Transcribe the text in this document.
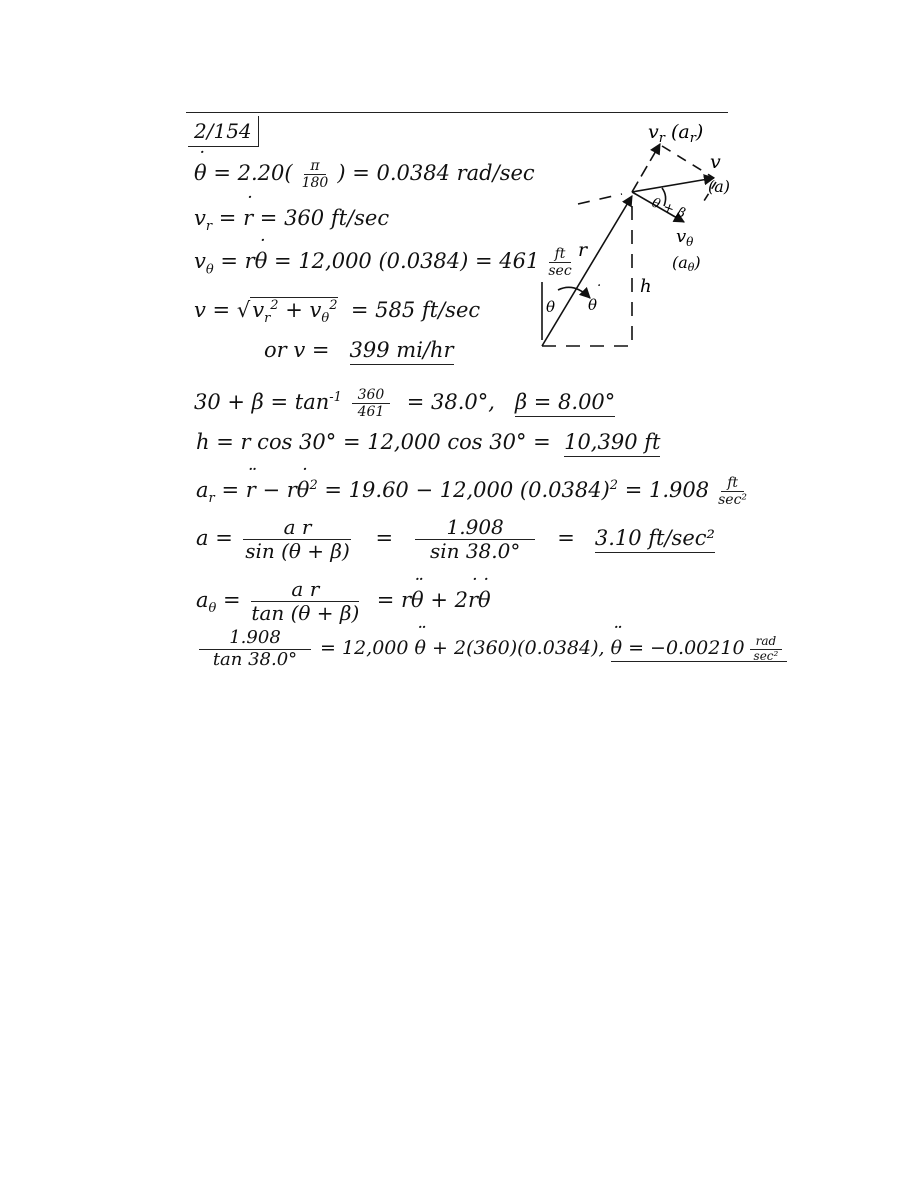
2/154
˙ $\theta = 2.20( \frac{\pi}{180}$ ) = 0.0384 rad/sec
$v_r$ = ˙ r = 360 ft/sec
$v_\theta$ = r˙ θ = 12,000 $(0.0384) = 461 \frac{ft}{\sec}$
$v = √v_r^2 + v_\theta^2 = 585$ ft/sec
or v = 399 mi/hr
$30 + \beta = \tan^{-1} \frac{360}{461} = 38.0^\circ$, β = 8.00°
h = r cos 30° = 12,000 cos 30° = 10,390 ft
$a_r$ = ¨ r − r˙ $\theta^2 = 19.60 - 12,000$ $(0.0384)^2 = 1.908 \frac{ft}{\text{sec²}}$
$a = \frac{\text{a r}}{\sin (\theta + \beta)} = \frac{1.908}{\sin 38.0^\circ} = 3.10$ ft/sec²
$a_\theta = \frac{\text{a r}}{\tan (\theta + \beta)}$ = r¨ θ + 2˙ r˙ θ
$\frac{1.908}{\tan 38.0^\circ} = 12,000$ ¨ θ + 2(360)(0.0384), ¨ $\theta = -0.00210 \frac{\text{rad}}{\text{sec²}}$
$v_r$ $(a_r)$
v
(a)
θ + β
$v_\theta$
(aθ)
r
θ θ
˙ h
